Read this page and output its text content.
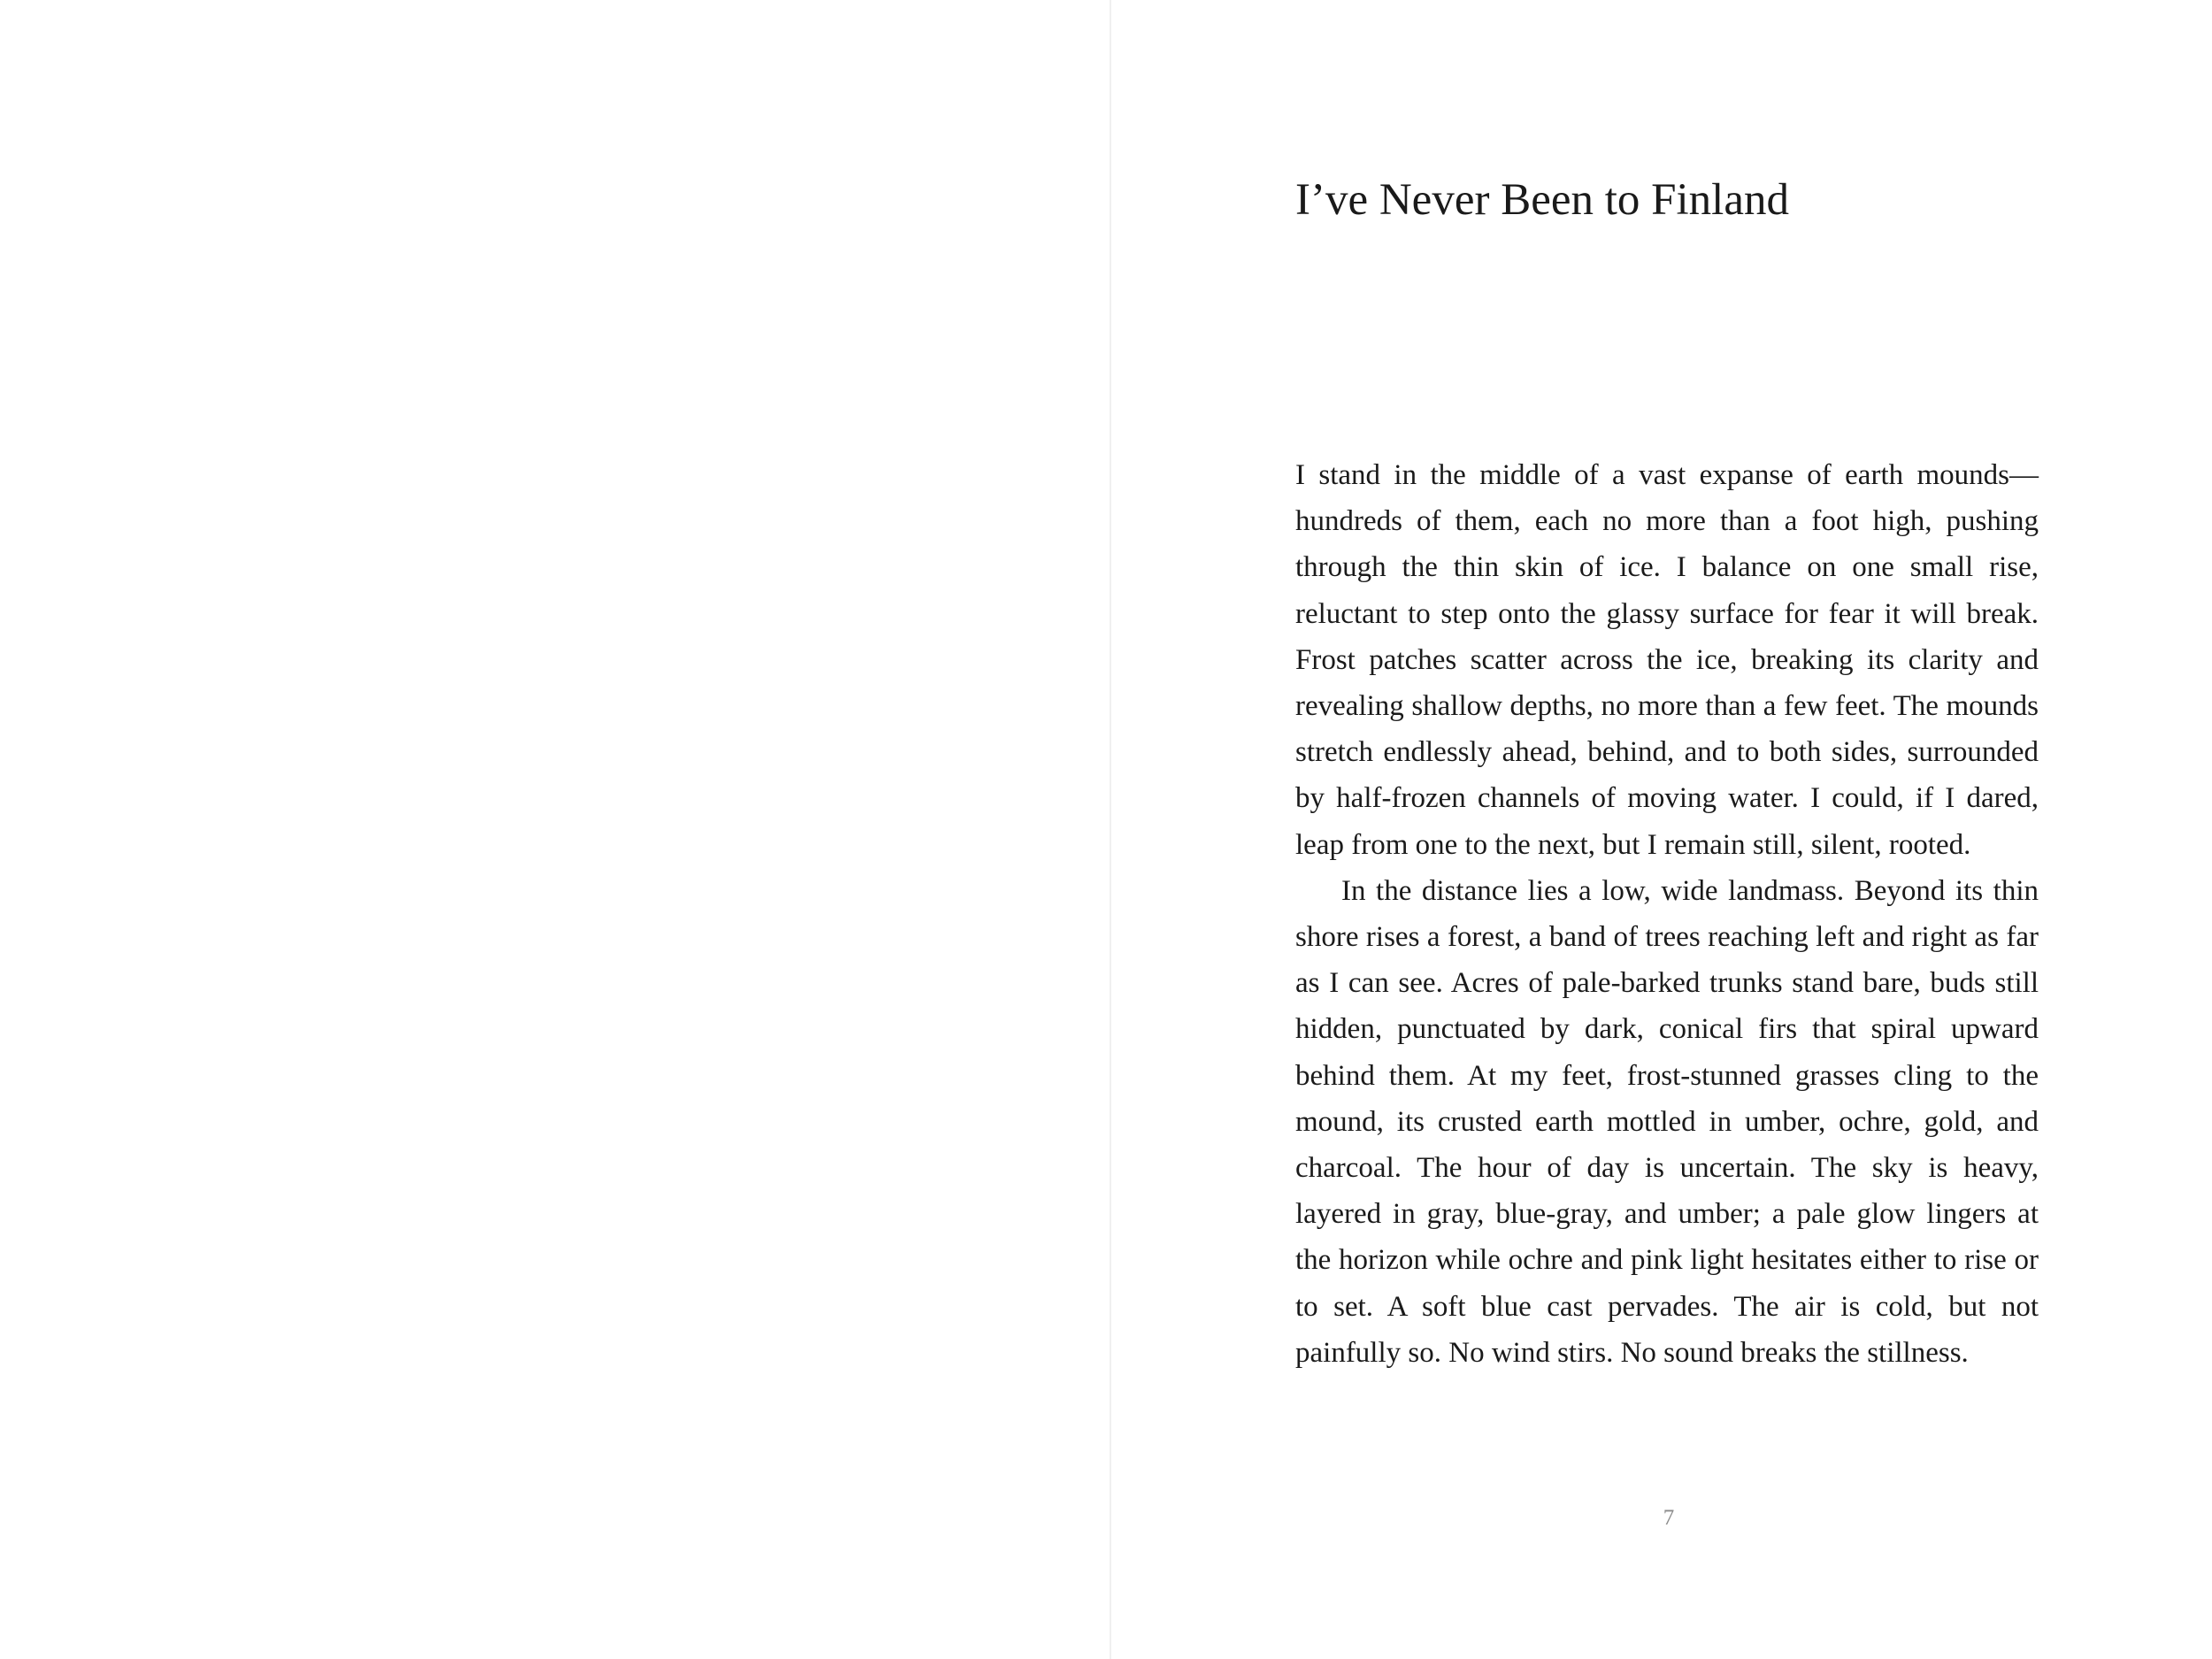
I’ve Never Been to Finland

I stand in the middle of a vast expanse of earth mounds—hundreds of them, each no more than a foot high, pushing through the thin skin of ice. I balance on one small rise, reluctant to step onto the glassy surface for fear it will break. Frost patches scatter across the ice, breaking its clarity and revealing shallow depths, no more than a few feet. The mounds stretch endlessly ahead, behind, and to both sides, surrounded by half-frozen channels of moving water. I could, if I dared, leap from one to the next, but I remain still, silent, rooted.

In the distance lies a low, wide landmass. Beyond its thin shore rises a forest, a band of trees reaching left and right as far as I can see. Acres of pale-barked trunks stand bare, buds still hidden, punctuated by dark, conical firs that spiral upward behind them. At my feet, frost-stunned grasses cling to the mound, its crusted earth mottled in umber, ochre, gold, and charcoal. The hour of day is uncertain. The sky is heavy, layered in gray, blue-gray, and umber; a pale glow lingers at the horizon while ochre and pink light hesitates either to rise or to set. A soft blue cast pervades. The air is cold, but not painfully so. No wind stirs. No sound breaks the stillness.

7
